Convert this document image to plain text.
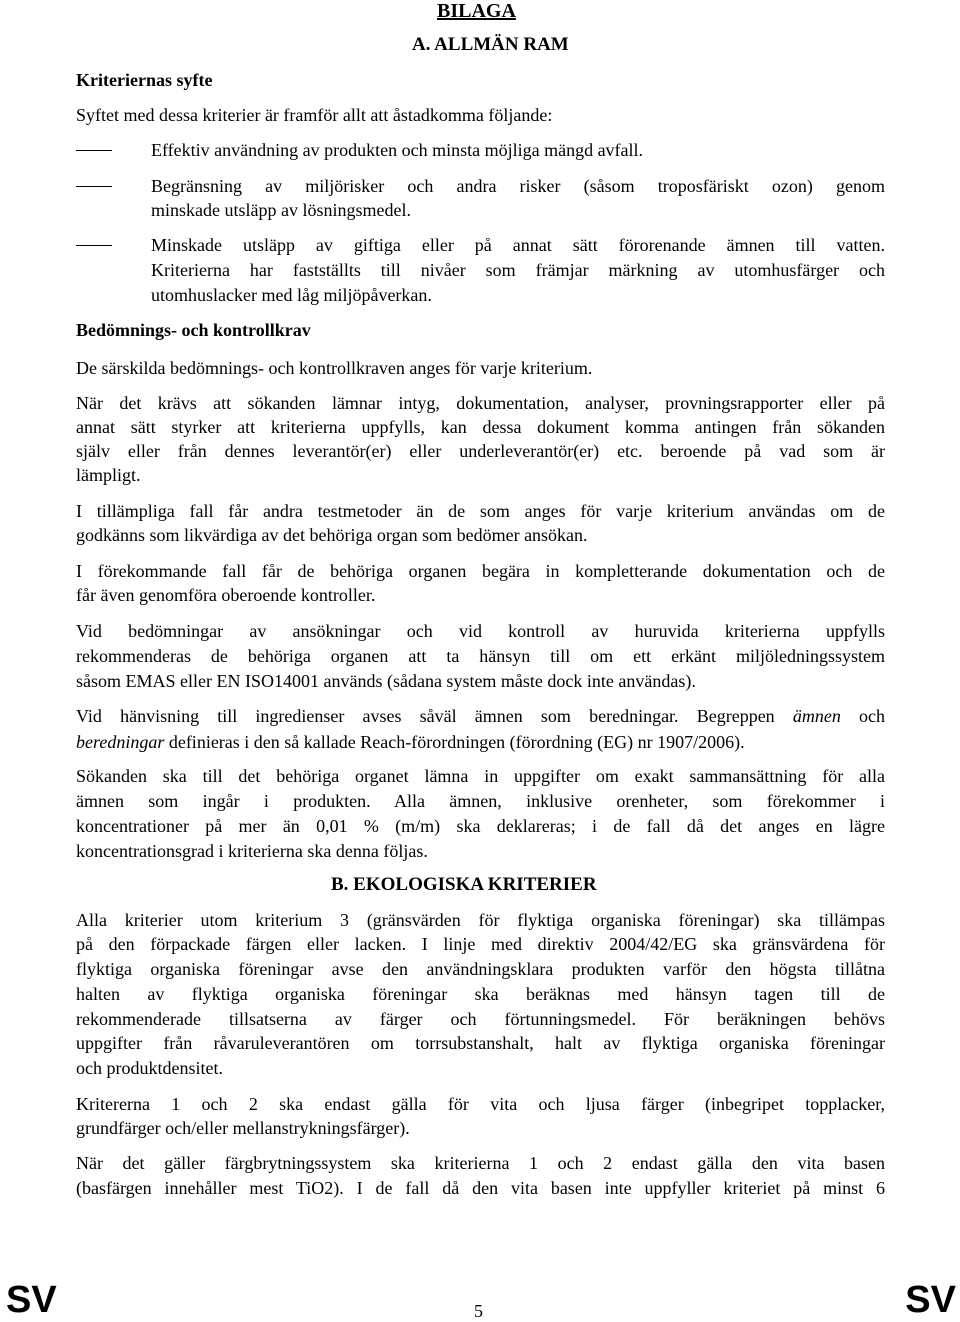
BILAGA
A. ALLMÄN RAM
Kriteriernas syfte
Syftet med dessa kriterier är framför allt att åstadkomma följande:
Effektiv användning av produkten och minsta möjliga mängd avfall.
Begränsning av miljörisker och andra risker (såsom troposfäriskt ozon) genom
minskade utsläpp av lösningsmedel.
Minskade utsläpp av giftiga eller på annat sätt förorenande ämnen till vatten.
Kriterierna har fastställts till nivåer som främjar märkning av utomhusfärger och
utomhuslacker med låg miljöpåverkan.
Bedömnings- och kontrollkrav
De särskilda bedömnings- och kontrollkraven anges för varje kriterium.
När det krävs att sökanden lämnar intyg, dokumentation, analyser, provningsrapporter eller på
annat sätt styrker att kriterierna uppfylls, kan dessa dokument komma antingen från sökanden
själv eller från dennes leverantör(er) eller underleverantör(er) etc. beroende på vad som är
lämpligt.
I tillämpliga fall får andra testmetoder än de som anges för varje kriterium användas om de
godkänns som likvärdiga av det behöriga organ som bedömer ansökan.
I förekommande fall får de behöriga organen begära in kompletterande dokumentation och de
får även genomföra oberoende kontroller.
Vid bedömningar av ansökningar och vid kontroll av huruvida kriterierna uppfylls
rekommenderas de behöriga organen att ta hänsyn till om ett erkänt miljöledningssystem
såsom EMAS eller EN ISO14001 används (sådana system måste dock inte användas).
Vid hänvisning till ingredienser avses såväl ämnen som beredningar. Begreppen ämnen och
beredningar definieras i den så kallade Reach-förordningen (förordning (EG) nr 1907/2006).
Sökanden ska till det behöriga organet lämna in uppgifter om exakt sammansättning för alla
ämnen som ingår i produkten. Alla ämnen, inklusive orenheter, som förekommer i
koncentrationer på mer än 0,01 % (m/m) ska deklareras; i de fall då det anges en lägre
koncentrationsgrad i kriterierna ska denna följas.
B. EKOLOGISKA KRITERIER
Alla kriterier utom kriterium 3 (gränsvärden för flyktiga organiska föreningar) ska tillämpas
på den förpackade färgen eller lacken. I linje med direktiv 2004/42/EG ska gränsvärdena för
flyktiga organiska föreningar avse den användningsklara produkten varför den högsta tillåtna
halten av flyktiga organiska föreningar ska beräknas med hänsyn tagen till de
rekommenderade tillsatserna av färger och förtunningsmedel. För beräkningen behövs
uppgifter från råvaruleverantören om torrsubstanshalt, halt av flyktiga organiska föreningar
och produktdensitet.
Kritererna 1 och 2 ska endast gälla för vita och ljusa färger (inbegripet topplacker,
grundfärger och/eller mellanstrykningsfärger).
När det gäller färgbrytningssystem ska kriterierna 1 och 2 endast gälla den vita basen
(basfärgen innehåller mest TiO2). I de fall då den vita basen inte uppfyller kriteriet på minst 6
SV	5	SV
